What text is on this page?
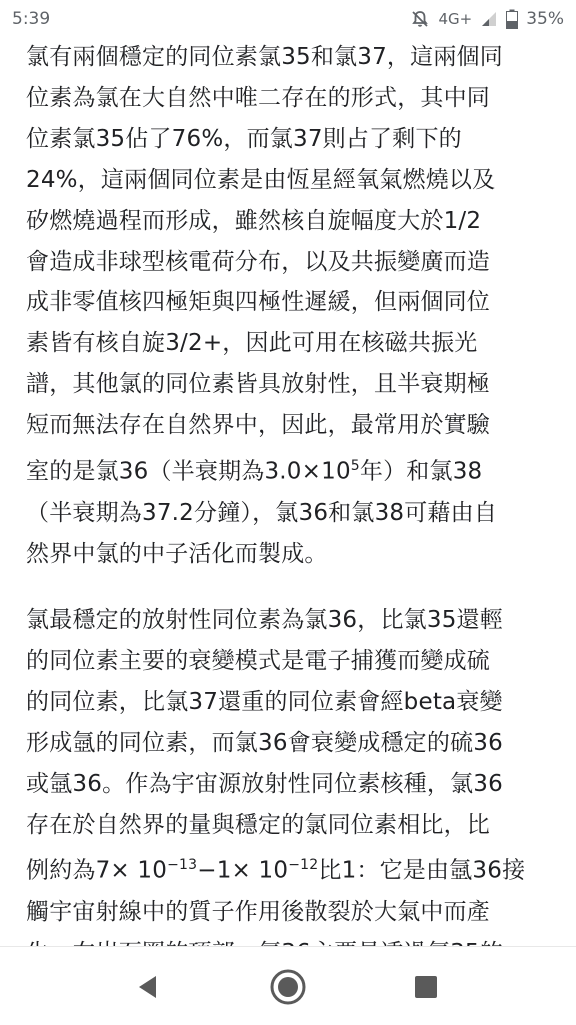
5:39	4G+	35%

氯有兩個穩定的同位素氯35和氯37，這兩個同
位素為氯在大自然中唯二存在的形式，其中同
位素氯35佔了76%，而氯37則占了剩下的
24%，這兩個同位素是由恆星經氧氣燃燒以及
矽燃燒過程而形成，雖然核自旋幅度大於1/2
會造成非球型核電荷分布，以及共振變廣而造
成非零值核四極矩與四極性遲緩，但兩個同位
素皆有核自旋3/2+，因此可用在核磁共振光
譜，其他氯的同位素皆具放射性，且半衰期極
短而無法存在自然界中，因此，最常用於實驗
室的是氯36（半衰期為$3.0\times 10^5$年）和氯38
（半衰期為37.2分鐘），氯36和氯38可藉由自
然界中氯的中子活化而製成。

氯最穩定的放射性同位素為氯36，比氯35還輕
的同位素主要的衰變模式是電子捕獲而變成硫
的同位素，比氯37還重的同位素會經beta衰變
形成氬的同位素，而氯36會衰變成穩定的硫36
或氬36。作為宇宙源放射性同位素核種，氯36
存在於自然界的量與穩定的氯同位素相比，比
例約為$7\times 10^{-13}-1\times 10^{-12}$比1：它是由氬36接
觸宇宙射線中的質子作用後散裂於大氣中而產
